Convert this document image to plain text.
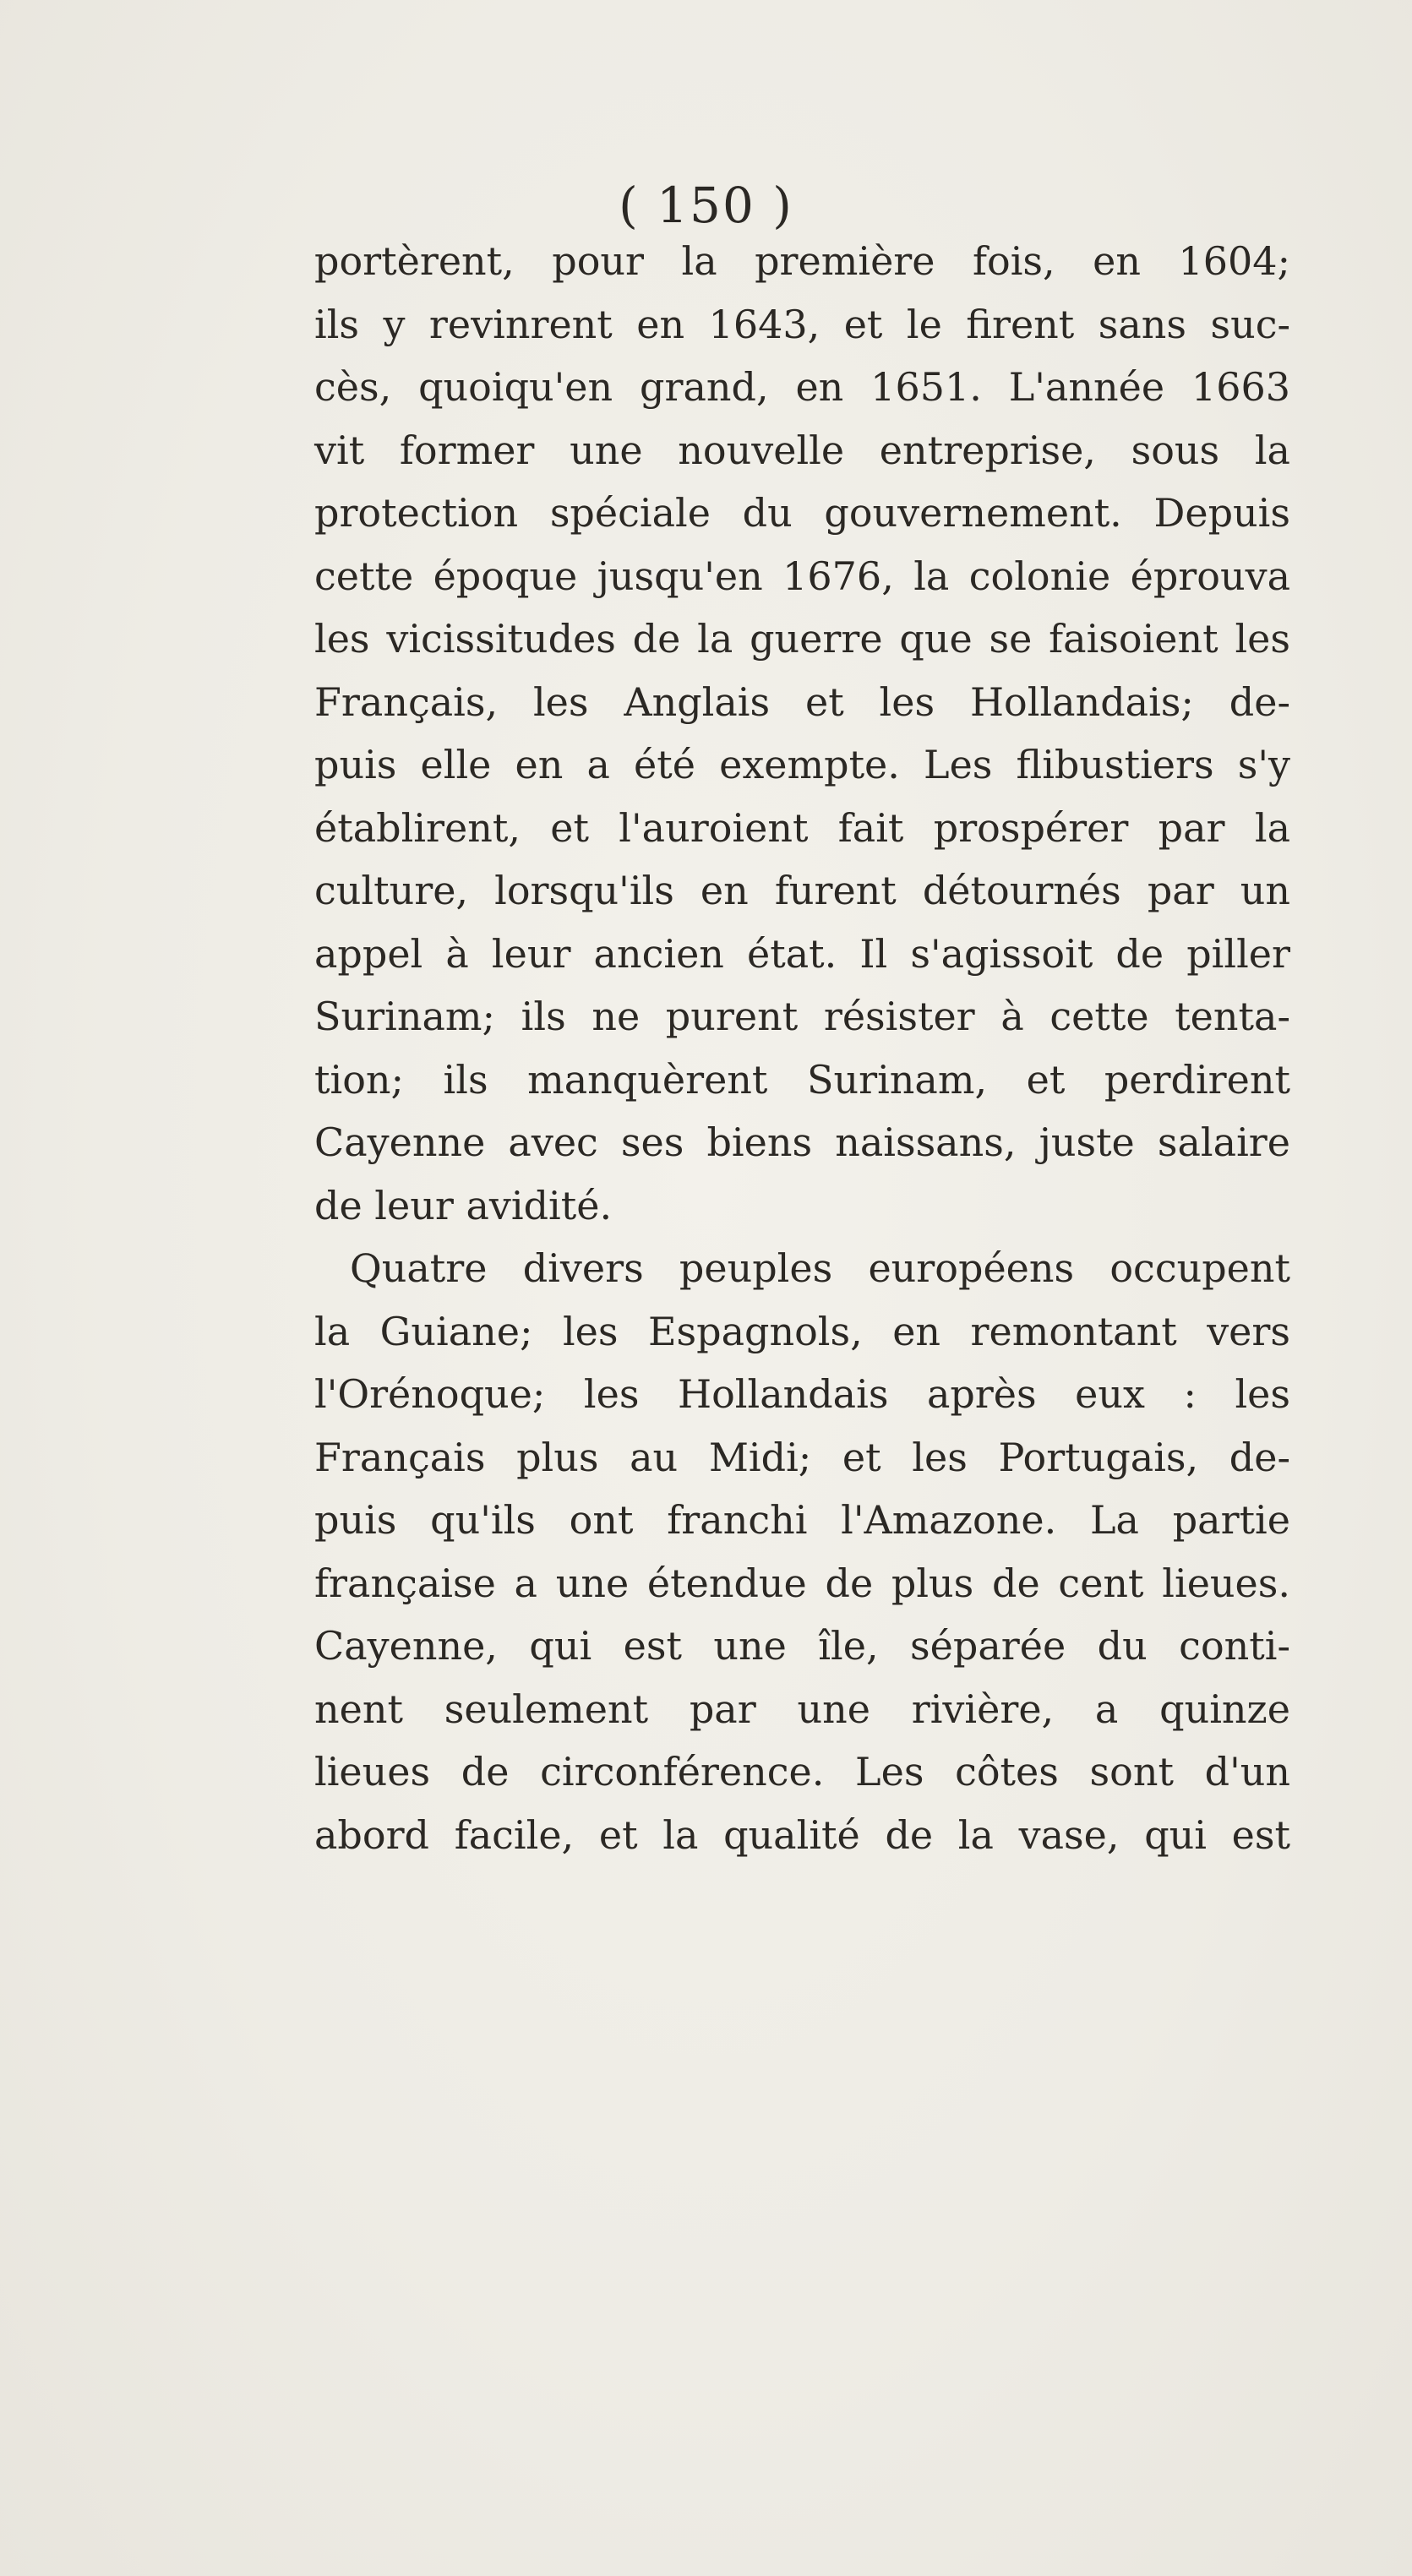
( 150 )
portèrent, pour la première fois, en 1604;
ils y revinrent en 1643, et le firent sans suc-
cès, quoiqu'en grand, en 1651. L'année 1663
vit former une nouvelle entreprise, sous la
protection spéciale du gouvernement. Depuis
cette époque jusqu'en 1676, la colonie éprouva
les vicissitudes de la guerre que se faisoient les
Français, les Anglais et les Hollandais; de-
puis elle en a été exempte. Les flibustiers s'y
établirent, et l'auroient fait prospérer par la
culture, lorsqu'ils en furent détournés par un
appel à leur ancien état. Il s'agissoit de piller
Surinam; ils ne purent résister à cette tenta-
tion; ils manquèrent Surinam, et perdirent
Cayenne avec ses biens naissans, juste salaire
de leur avidité.
Quatre divers peuples européens occupent
la Guiane; les Espagnols, en remontant vers
l'Orénoque; les Hollandais après eux : les
Français plus au Midi; et les Portugais, de-
puis qu'ils ont franchi l'Amazone. La partie
française a une étendue de plus de cent lieues.
Cayenne, qui est une île, séparée du conti-
nent seulement par une rivière, a quinze
lieues de circonférence. Les côtes sont d'un
abord facile, et la qualité de la vase, qui est
